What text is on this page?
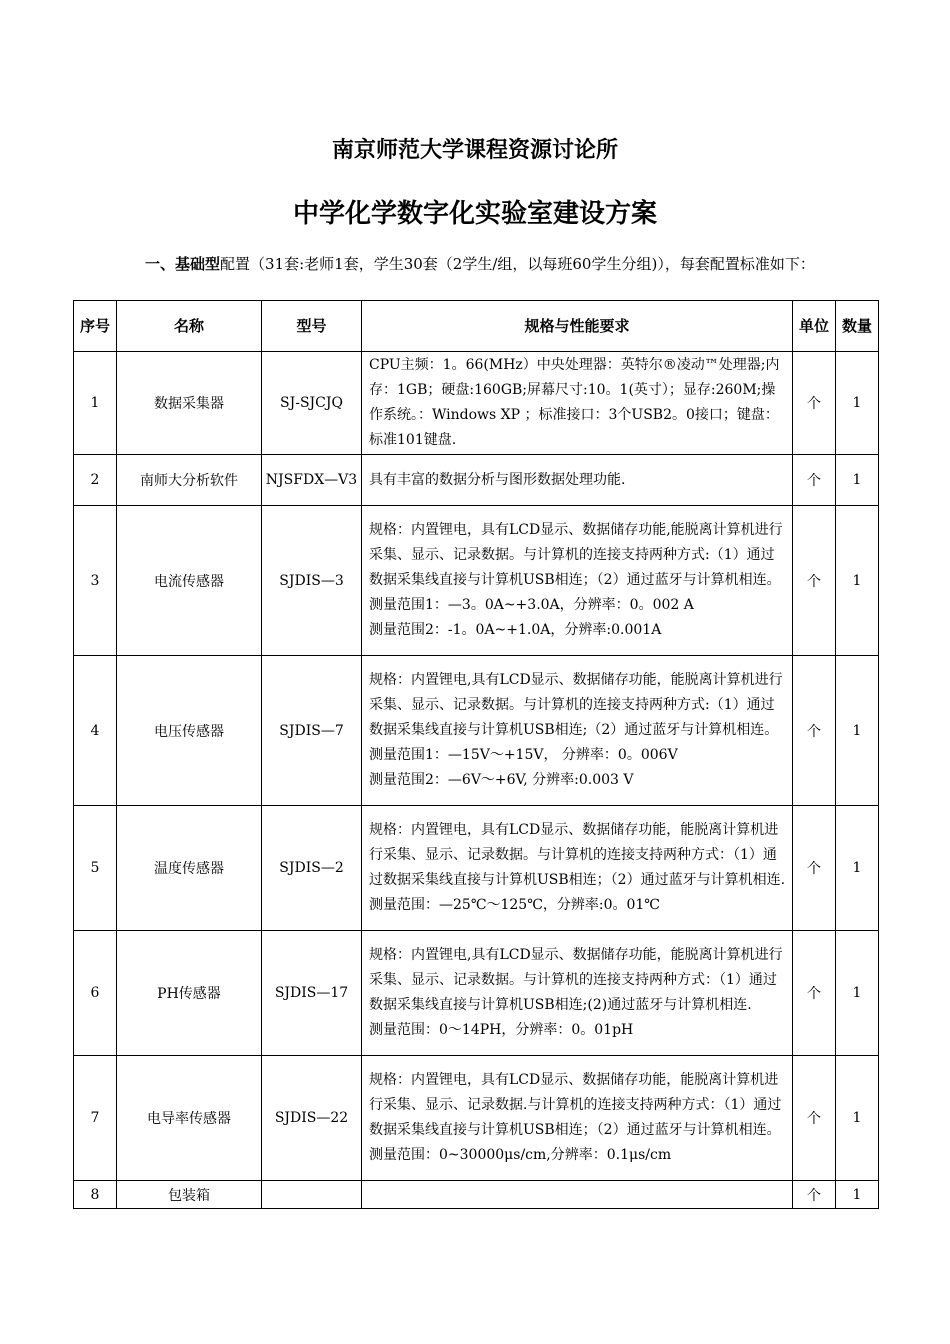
南京师范大学课程资源讨论所
中学化学数字化实验室建设方案
一、基础型配置（31套:老师1套，学生30套（2学生/组，以每班60学生分组)），每套配置标准如下：
序号	名称	型号	规格与性能要求	单位	数量
1	数据采集器	SJ-SJCJQ	CPU主频：1。66(MHz）中央处理器：英特尔®凌动™处理器;内存：1GB；硬盘:160GB;屏幕尺寸:10。1(英寸）；显存:260M;操作系统。：Windows XP ；标准接口：3个USB2。0接口；键盘：标准101键盘.	个	1
2	南师大分析软件	NJSFDX—V3	具有丰富的数据分析与图形数据处理功能.	个	1
3	电流传感器	SJDIS—3	规格：内置锂电，具有LCD显示、数据储存功能,能脱离计算机进行采集、显示、记录数据。与计算机的连接支持两种方式:（1）通过数据采集线直接与计算机USB相连；（2）通过蓝牙与计算机相连。
测量范围1：—3。0A~+3.0A，分辨率：0。002 A
测量范围2：-1。0A~+1.0A，分辨率:0.001A	个	1
4	电压传感器	SJDIS—7	规格：内置锂电,具有LCD显示、数据储存功能，能脱离计算机进行采集、显示、记录数据。与计算机的连接支持两种方式:（1）通过数据采集线直接与计算机USB相连;（2）通过蓝牙与计算机相连。
测量范围1：—15V～+15V， 分辨率：0。006V
测量范围2：—6V～+6V, 分辨率:0.003 V	个	1
5	温度传感器	SJDIS—2	规格：内置锂电，具有LCD显示、数据储存功能，能脱离计算机进行采集、显示、记录数据。与计算机的连接支持两种方式：（1）通过数据采集线直接与计算机USB相连；（2）通过蓝牙与计算机相连.
测量范围：—25℃～125℃，分辨率:0。01℃	个	1
6	PH传感器	SJDIS—17	规格：内置锂电,具有LCD显示、数据储存功能，能脱离计算机进行采集、显示、记录数据。与计算机的连接支持两种方式：（1）通过数据采集线直接与计算机USB相连;(2)通过蓝牙与计算机相连.
测量范围：0～14PH，分辨率：0。01pH	个	1
7	电导率传感器	SJDIS—22	规格：内置锂电，具有LCD显示、数据储存功能，能脱离计算机进行采集、显示、记录数据.与计算机的连接支持两种方式：（1）通过数据采集线直接与计算机USB相连；（2）通过蓝牙与计算机相连。
测量范围：0~30000μs/cm,分辨率：0.1μs/cm	个	1
8	包装箱			个	1
